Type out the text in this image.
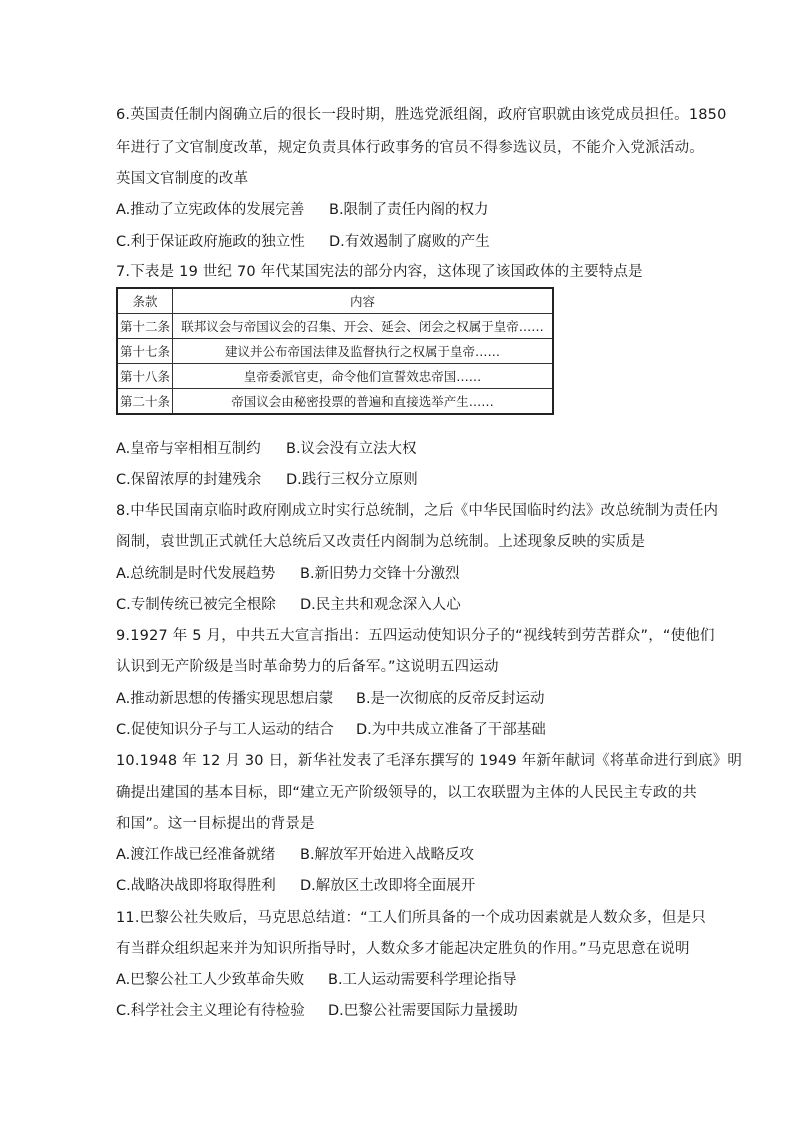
6.英国责任制内阁确立后的很长一段时期，胜选党派组阁，政府官职就由该党成员担任。1850
年进行了文官制度改革，规定负责具体行政事务的官员不得参选议员，不能介入党派活动。
英国文官制度的改革
A.推动了立宪政体的发展完善 B.限制了责任内阁的权力
C.利于保证政府施政的独立性 D.有效遏制了腐败的产生
7.下表是 19 世纪 70 年代某国宪法的部分内容，这体现了该国政体的主要特点是
条款	内容
第十二条	联邦议会与帝国议会的召集、开会、延会、闭会之权属于皇帝……
第十七条	建议并公布帝国法律及监督执行之权属于皇帝……
第十八条	皇帝委派官吏，命令他们宣誓效忠帝国……
第二十条	帝国议会由秘密投票的普遍和直接选举产生……
A.皇帝与宰相相互制约 B.议会没有立法大权
C.保留浓厚的封建残余 D.践行三权分立原则
8.中华民国南京临时政府刚成立时实行总统制，之后《中华民国临时约法》改总统制为责任内
阁制，袁世凯正式就任大总统后又改责任内阁制为总统制。上述现象反映的实质是
A.总统制是时代发展趋势 B.新旧势力交锋十分激烈
C.专制传统已被完全根除 D.民主共和观念深入人心
9.1927 年 5 月，中共五大宣言指出：五四运动使知识分子的“视线转到劳苦群众”，“使他们
认识到无产阶级是当时革命势力的后备军。”这说明五四运动
A.推动新思想的传播实现思想启蒙 B.是一次彻底的反帝反封运动
C.促使知识分子与工人运动的结合 D.为中共成立准备了干部基础
10.1948 年 12 月 30 日，新华社发表了毛泽东撰写的 1949 年新年献词《将革命进行到底》明
确提出建国的基本目标，即“建立无产阶级领导的，以工农联盟为主体的人民民主专政的共
和国”。这一目标提出的背景是
A.渡江作战已经准备就绪 B.解放军开始进入战略反攻
C.战略决战即将取得胜利 D.解放区土改即将全面展开
11.巴黎公社失败后，马克思总结道：“工人们所具备的一个成功因素就是人数众多，但是只
有当群众组织起来并为知识所指导时，人数众多才能起决定胜负的作用。”马克思意在说明
A.巴黎公社工人少致革命失败 B.工人运动需要科学理论指导
C.科学社会主义理论有待检验 D.巴黎公社需要国际力量援助
